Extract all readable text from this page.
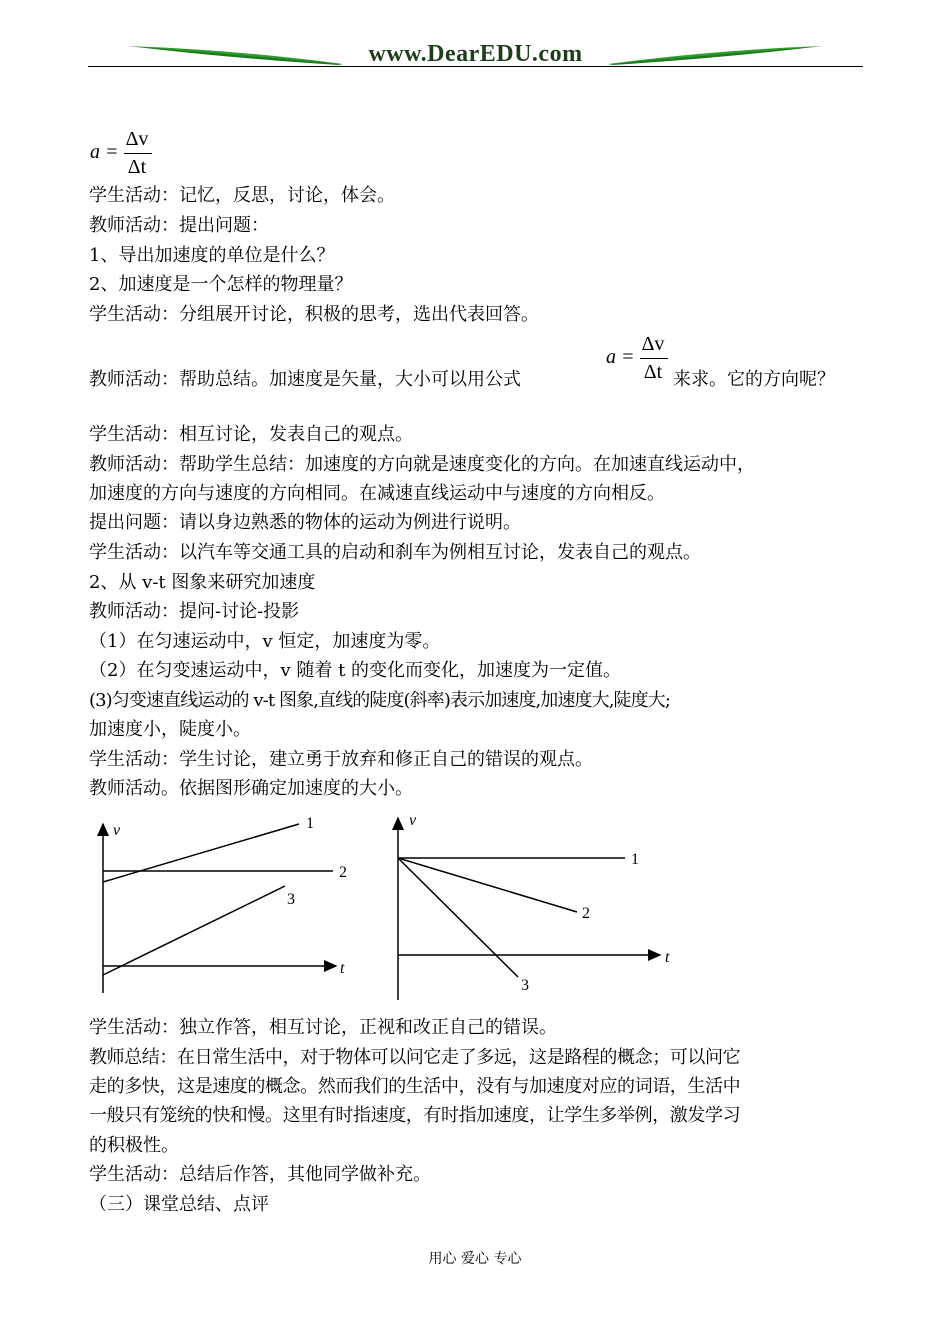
www.DearEDU.com
a =
Δv
Δt
学生活动：记忆，反思，讨论，体会。
教师活动：提出问题：
1、导出加速度的单位是什么？
2、加速度是一个怎样的物理量？
学生活动：分组展开讨论，积极的思考，选出代表回答。
教师活动：帮助总结。加速度是矢量，大小可以用公式
a =
Δv
Δt 来求。它的方向呢？
学生活动：相互讨论，发表自己的观点。
教师活动：帮助学生总结：加速度的方向就是速度变化的方向。在加速直线运动中，
加速度的方向与速度的方向相同。在减速直线运动中与速度的方向相反。
提出问题：请以身边熟悉的物体的运动为例进行说明。
学生活动：以汽车等交通工具的启动和刹车为例相互讨论，发表自己的观点。
2、从 v-t 图象来研究加速度
教师活动：提问-讨论-投影
（1）在匀速运动中，v 恒定，加速度为零。
（2）在匀变速运动中，v 随着 t 的变化而变化，加速度为一定值。
(3)匀变速直线运动的 v-t 图象,直线的陡度(斜率)表示加速度,加速度大,陡度大;
加速度小，陡度小。
学生活动：学生讨论，建立勇于放弃和修正自己的错误的观点。
教师活动。依据图形确定加速度的大小。
v
t
1
2
3
v
t
1
2
3
学生活动：独立作答，相互讨论，正视和改正自己的错误。
教师总结：在日常生活中，对于物体可以问它走了多远，这是路程的概念；可以问它
走的多快，这是速度的概念。然而我们的生活中，没有与加速度对应的词语，生活中
一般只有笼统的快和慢。这里有时指速度，有时指加速度，让学生多举例，激发学习
的积极性。
学生活动：总结后作答，其他同学做补充。
（三）课堂总结、点评
用心 爱心 专心
